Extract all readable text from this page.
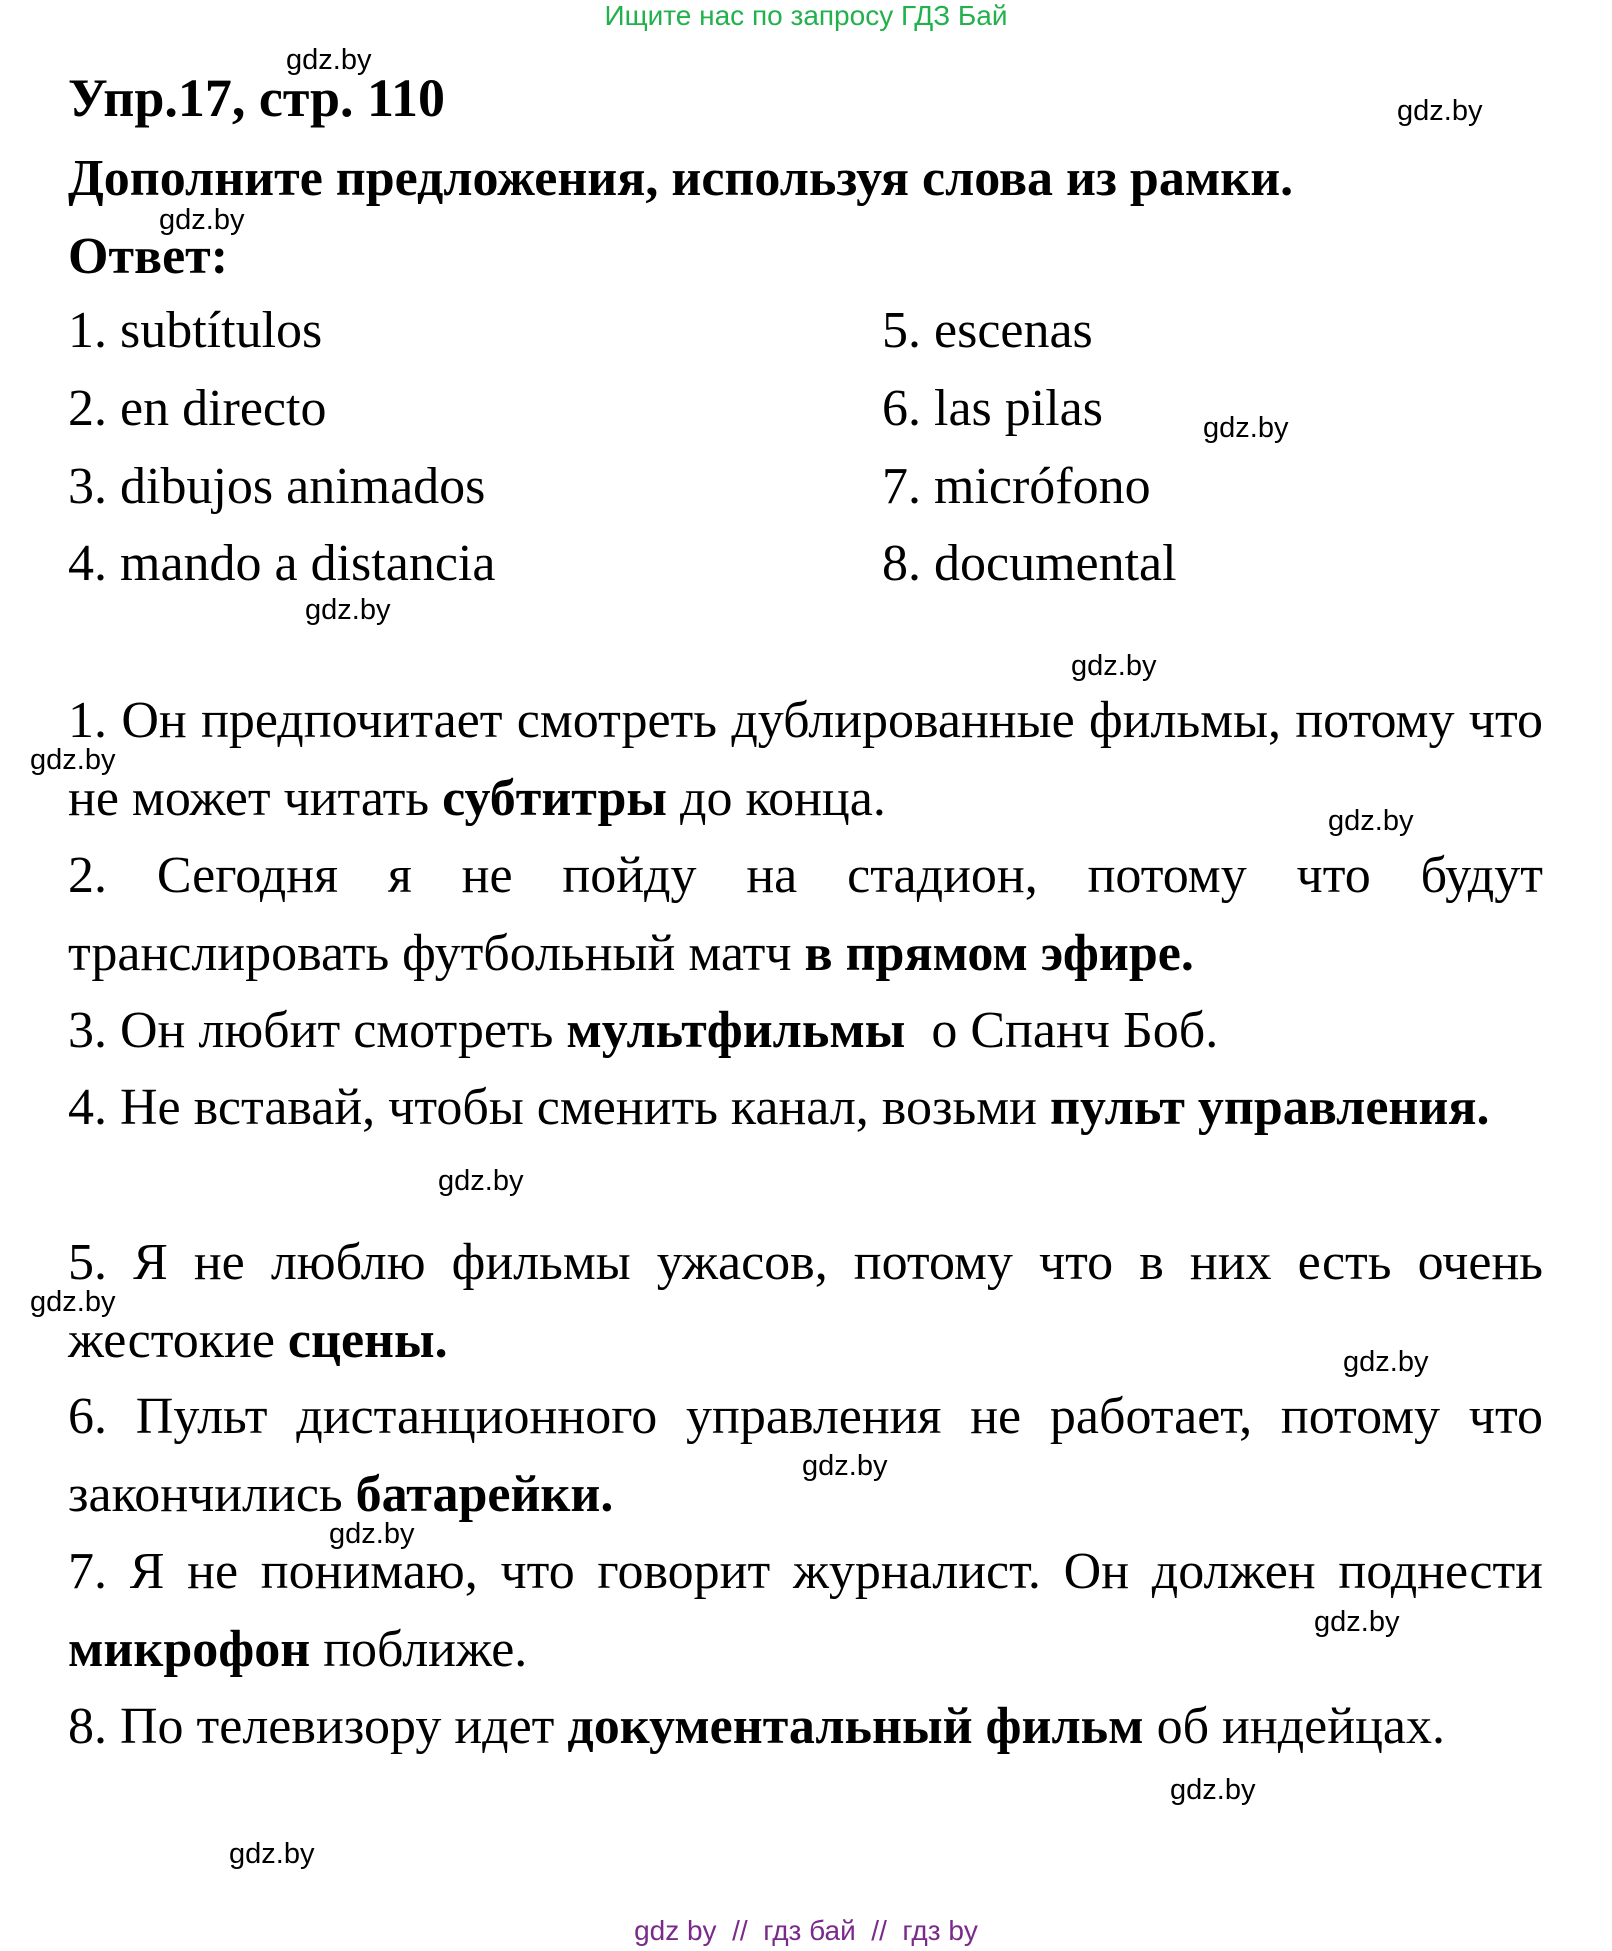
Ищите нас по запросу ГДЗ Бай
Упр.17, стр. 110
Дополните предложения, используя слова из рамки.
Ответ:
1. subtítulos
2. en directo
3. dibujos animados
4. mando a distancia
5. escenas
6. las pilas
7. micrófono
8. documental
1. Он предпочитает смотреть дублированные фильмы, потому что не может читать субтитры до конца.
2. Сегодня я не пойду на стадион, потому что будут транслировать футбольный матч в прямом эфире.
3. Он любит смотреть мультфильмы  о Спанч Боб.
4. Не вставай, чтобы сменить канал, возьми пульт управления.
5. Я не люблю фильмы ужасов, потому что в них есть очень жестокие сцены.
6. Пульт дистанционного управления не работает, потому что закончились батарейки.
7. Я не понимаю, что говорит журналист. Он должен поднести микрофон поближе.
8. По телевизору идет документальный фильм об индейцах.
gdz.by
gdz.by
gdz.by
gdz.by
gdz.by
gdz.by
gdz.by
gdz.by
gdz.by
gdz.by
gdz.by
gdz.by
gdz.by
gdz.by
gdz.by
gdz.by
gdz by  //  гдз бай  //  гдз by
